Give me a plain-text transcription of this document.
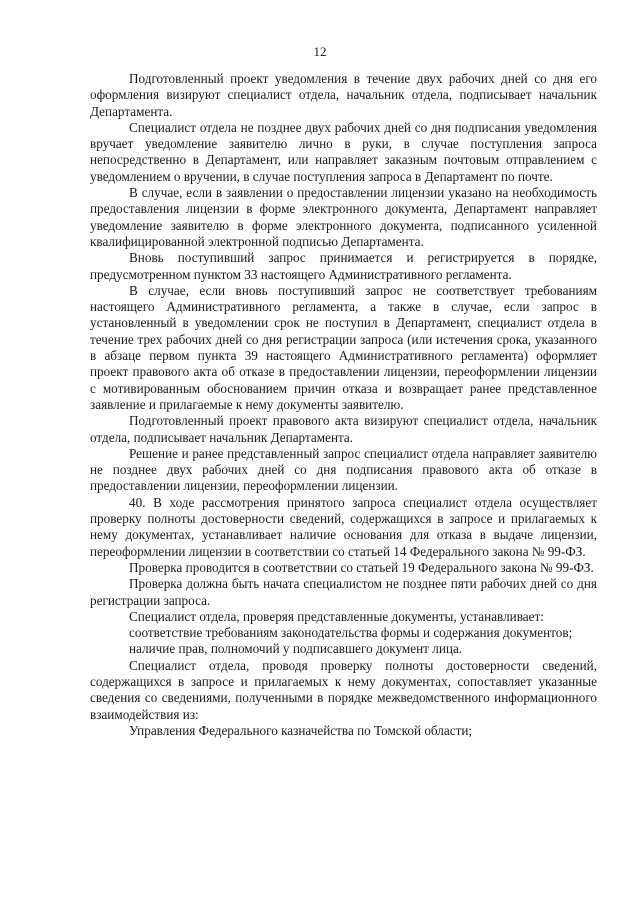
12

Подготовленный проект уведомления в течение двух рабочих дней со дня его оформления визируют специалист отдела, начальник отдела, подписывает начальник Департамента.

Специалист отдела не позднее двух рабочих дней со дня подписания уведомления вручает уведомление заявителю лично в руки, в случае поступления запроса непосредственно в Департамент, или направляет заказным почтовым отправлением с уведомлением о вручении, в случае поступления запроса в Департамент по почте.

В случае, если в заявлении о предоставлении лицензии указано на необходимость предоставления лицензии в форме электронного документа, Департамент направляет уведомление заявителю в форме электронного документа, подписанного усиленной квалифицированной электронной подписью Департамента.

Вновь поступивший запрос принимается и регистрируется в порядке, предусмотренном пунктом 33 настоящего Административного регламента.

В случае, если вновь поступивший запрос не соответствует требованиям настоящего Административного регламента, а также в случае, если запрос в установленный в уведомлении срок не поступил в Департамент, специалист отдела в течение трех рабочих дней со дня регистрации запроса (или истечения срока, указанного в абзаце первом пункта 39 настоящего Административного регламента) оформляет проект правового акта об отказе в предоставлении лицензии, переоформлении лицензии с мотивированным обоснованием причин отказа и возвращает ранее представленное заявление и прилагаемые к нему документы заявителю.

Подготовленный проект правового акта визируют специалист отдела, начальник отдела, подписывает начальник Департамента.

Решение и ранее представленный запрос специалист отдела направляет заявителю не позднее двух рабочих дней со дня подписания правового акта об отказе в предоставлении лицензии, переоформлении лицензии.

40. В ходе рассмотрения принятого запроса специалист отдела осуществляет проверку полноты достоверности сведений, содержащихся в запросе и прилагаемых к нему документах, устанавливает наличие основания для отказа в выдаче лицензии, переоформлении лицензии в соответствии со статьей 14 Федерального закона № 99-ФЗ.

Проверка проводится в соответствии со статьей 19 Федерального закона № 99-ФЗ.

Проверка должна быть начата специалистом не позднее пяти рабочих дней со дня регистрации запроса.

Специалист отдела, проверяя представленные документы, устанавливает:

соответствие требованиям законодательства формы и содержания документов;

наличие прав, полномочий у подписавшего документ лица.

Специалист отдела, проводя проверку полноты достоверности сведений, содержащихся в запросе и прилагаемых к нему документах, сопоставляет указанные сведения со сведениями, полученными в порядке межведомственного информационного взаимодействия из:

Управления Федерального казначейства по Томской области;
